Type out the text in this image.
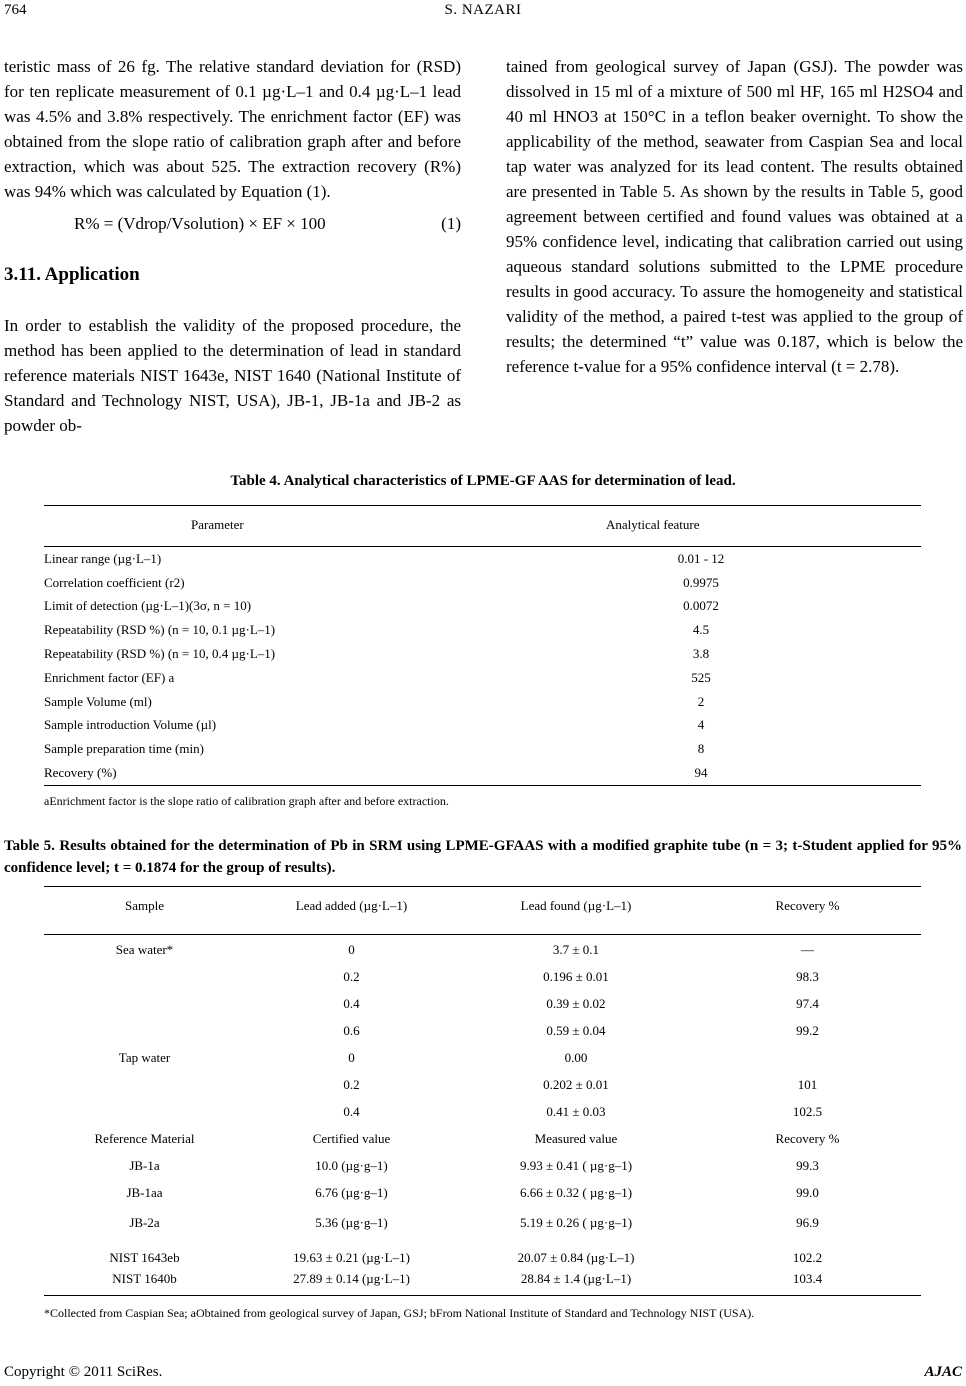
764	S. NAZARI

teristic mass of 26 fg. The relative standard deviation for (RSD) for ten replicate measurement of 0.1 µg·L–1 and 0.4 µg·L–1 lead was 4.5% and 3.8% respectively. The enrichment factor (EF) was obtained from the slope ratio of calibration graph after and before extraction, which was about 525. The extraction recovery (R%) was 94% which was calculated by Equation (1).

R% = (Vdrop/Vsolution) × EF × 100	(1)
3.11. Application

In order to establish the validity of the proposed procedure, the method has been applied to the determination of lead in standard reference materials NIST 1643e, NIST 1640 (National Institute of Standard and Technology NIST, USA), JB-1, JB-1a and JB-2 as powder ob-

tained from geological survey of Japan (GSJ). The powder was dissolved in 15 ml of a mixture of 500 ml HF, 165 ml H2SO4 and 40 ml HNO3 at 150°C in a teflon beaker overnight. To show the applicability of the method, seawater from Caspian Sea and local tap water was analyzed for its lead content. The results obtained are presented in Table 5. As shown by the results in Table 5, good agreement between certified and found values was obtained at a 95% confidence level, indicating that calibration carried out using aqueous standard solutions submitted to the LPME procedure results in good accuracy. To assure the homogeneity and statistical validity of the method, a paired t-test was applied to the group of results; the determined “t” value was 0.187, which is below the reference t-value for a 95% confidence interval (t = 2.78).

Table 4. Analytical characteristics of LPME-GF AAS for determination of lead.
Parameter	Analytical feature
Linear range (µg·L–1)	0.01 - 12
Correlation coefficient (r2)	0.9975
Limit of detection (µg·L–1)(3σ, n = 10)	0.0072
Repeatability (RSD %) (n = 10, 0.1 µg·L–1)	4.5
Repeatability (RSD %) (n = 10, 0.4 µg·L–1)	3.8
Enrichment factor (EF) a	525
Sample Volume (ml)	2
Sample introduction Volume (µl)	4
Sample preparation time (min)	8
Recovery (%)	94
aEnrichment factor is the slope ratio of calibration graph after and before extraction.
Table 5. Results obtained for the determination of Pb in SRM using LPME-GFAAS with a modified graphite tube (n = 3; t-Student applied for 95% confidence level; t = 0.1874 for the group of results).
Sample	Lead added (µg·L–1)	Lead found (µg·L–1)	Recovery %
Sea water*	0	3.7 ± 0.1	―
	0.2	0.196 ± 0.01	98.3
	0.4	0.39 ± 0.02	97.4
	0.6	0.59 ± 0.04	99.2
Tap water	0	0.00	
	0.2	0.202 ± 0.01	101
	0.4	0.41 ± 0.03	102.5
Reference Material	Certified value	Measured value	Recovery %
JB-1a	10.0 (µg·g–1)	9.93 ± 0.41 ( µg·g–1)	99.3
JB-1aa	6.76 (µg·g–1)	6.66 ± 0.32 ( µg·g–1)	99.0
JB-2a	5.36 (µg·g–1)	5.19 ± 0.26 ( µg·g–1)	96.9
NIST 1643eb	19.63 ± 0.21 (µg·L–1)	20.07 ± 0.84 (µg·L–1)	102.2
NIST 1640b	27.89 ± 0.14 (µg·L–1)	28.84 ± 1.4 (µg·L–1)	103.4
*Collected from Caspian Sea; aObtained from geological survey of Japan, GSJ; bFrom National Institute of Standard and Technology NIST (USA).
Copyright © 2011 SciRes.	AJAC
